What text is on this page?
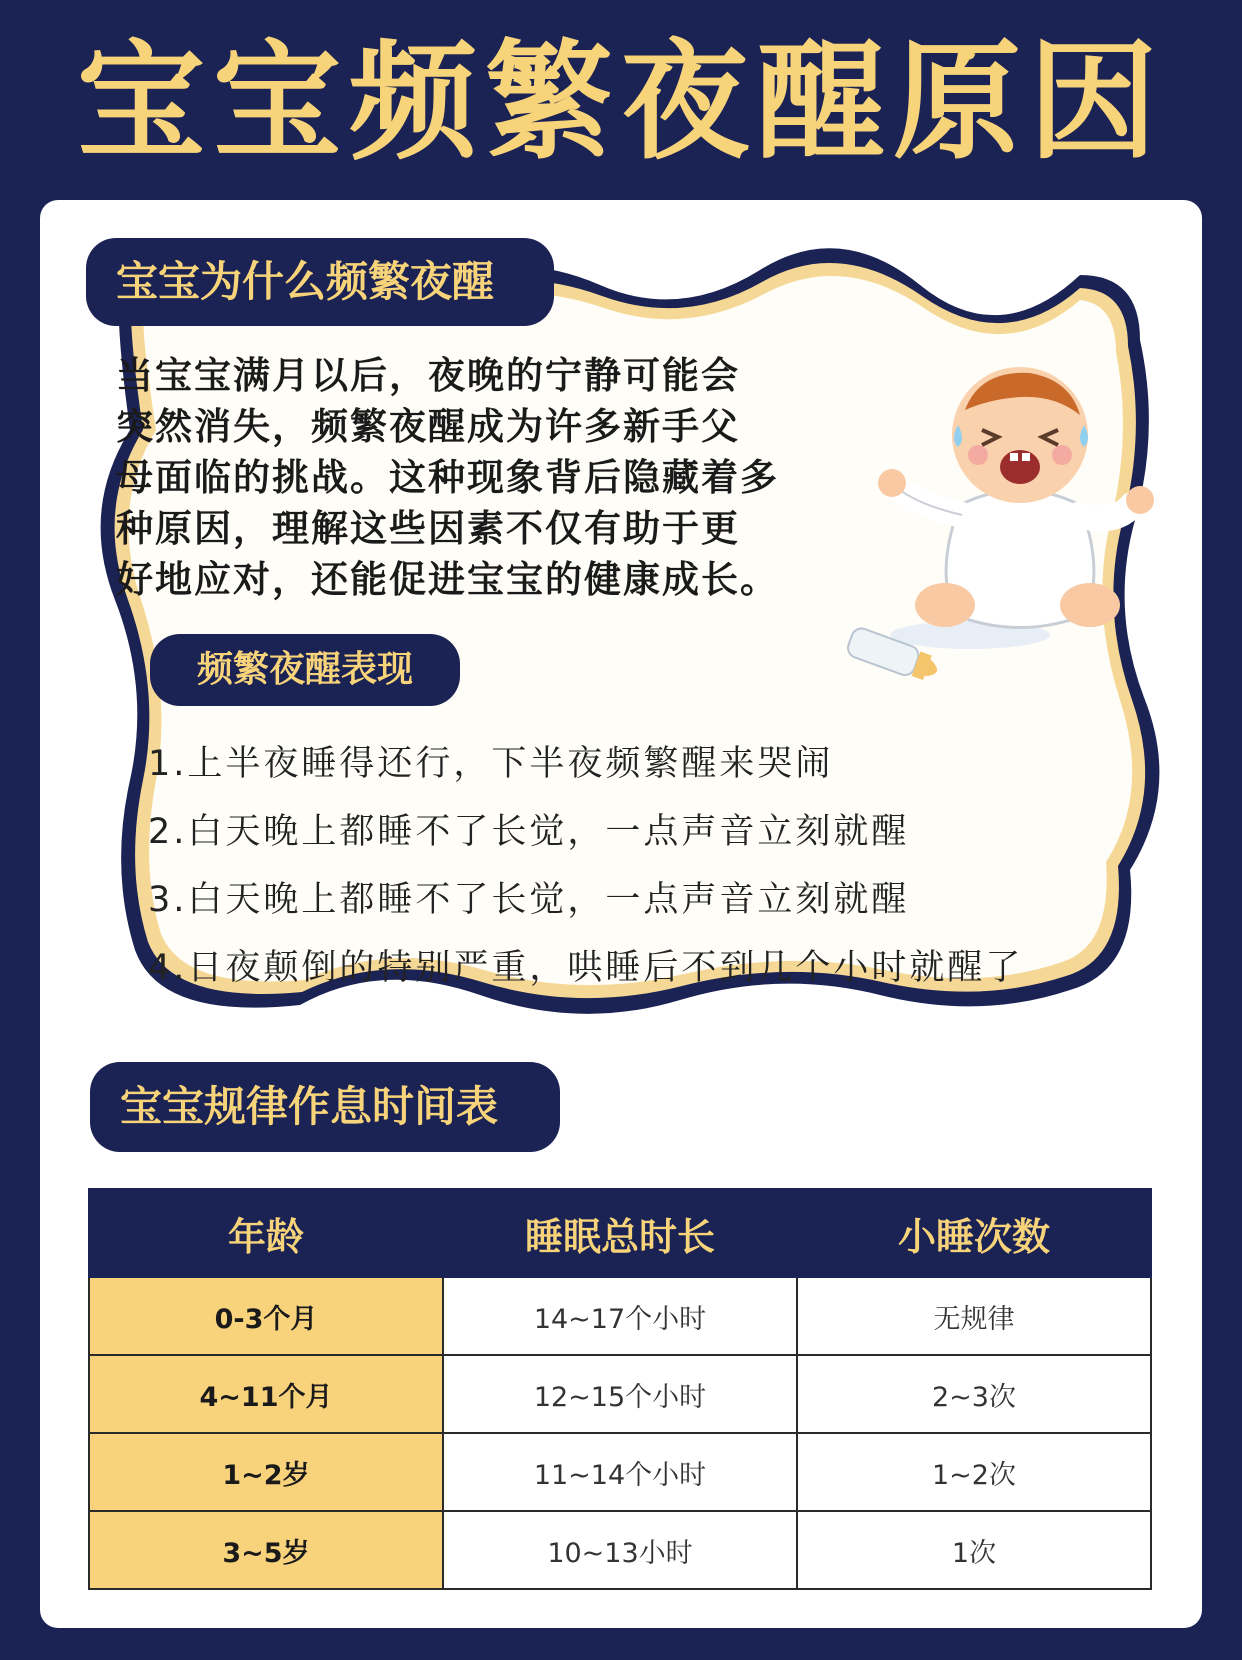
宝宝频繁夜醒原因
宝宝为什么频繁夜醒
当宝宝满月以后，夜晚的宁静可能会
突然消失，频繁夜醒成为许多新手父
母面临的挑战。这种现象背后隐藏着多
种原因，理解这些因素不仅有助于更
好地应对，还能促进宝宝的健康成长。
频繁夜醒表现
1.上半夜睡得还行，下半夜频繁醒来哭闹
2.白天晚上都睡不了长觉，一点声音立刻就醒
3.白天晚上都睡不了长觉，一点声音立刻就醒
4.日夜颠倒的特别严重，哄睡后不到几个小时就醒了
宝宝规律作息时间表
年龄	睡眠总时长	小睡次数
0-3个月	14~17个小时	无规律
4~11个月	12~15个小时	2~3次
1~2岁	11~14个小时	1~2次
3~5岁	10~13小时	1次
